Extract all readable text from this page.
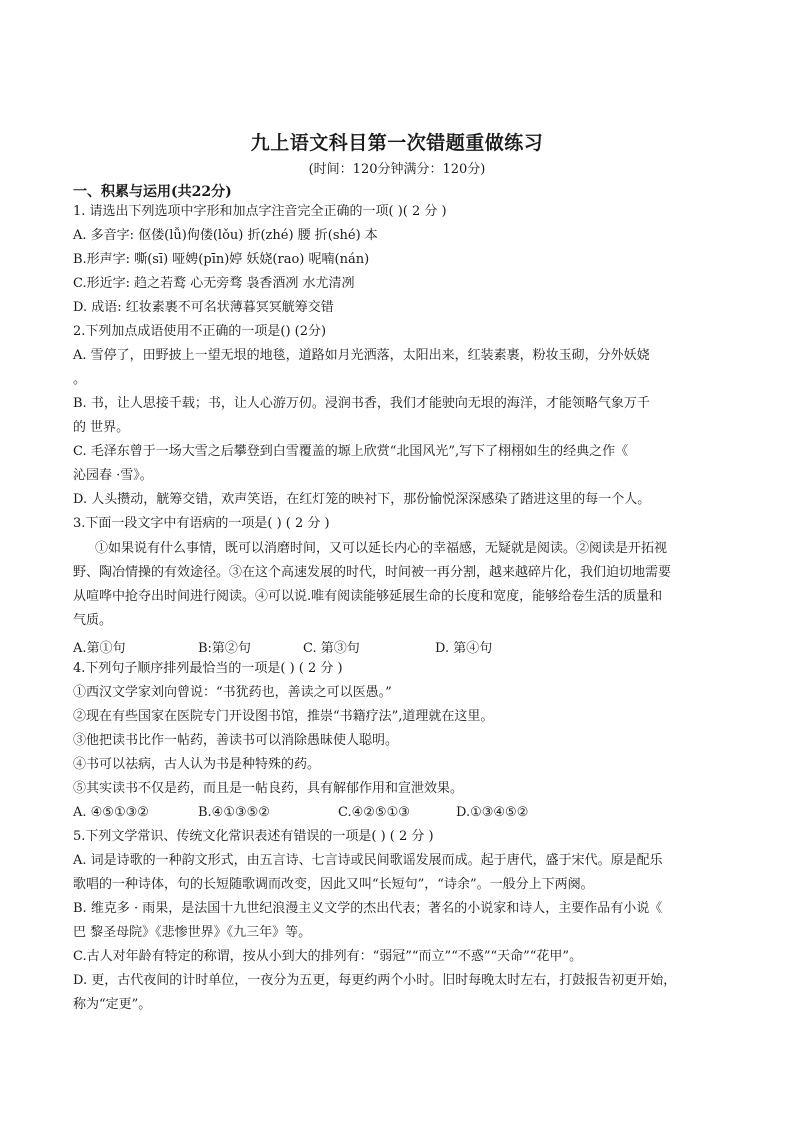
九上语文科目第一次错题重做练习
(时间：120分钟满分：120分)
一、积累与运用(共22分)
1. 请选出下列选项中字形和加点字注音完全正确的一项( )( 2 分 )
A. 多音字: 伛偻(lǚ)佝偻(lǒu) 折(zhé) 腰 折(shé) 本
B.形声字: 嘶(sī) 哑娉(pīn)婷 妖娆(rao) 呢喃(nán)
C.形近字: 趋之若鹜 心无旁骛 袅香酒冽 水尤清冽
D. 成语: 红妆素裹不可名状薄暮冥冥觥筹交错
2.下列加点成语使用不正确的一项是() (2分)
A. 雪停了，田野披上一望无垠的地毯，道路如月光洒落，太阳出来，红装素裹，粉妆玉砌，分外妖娆
。
B. 书，让人思接千载；书，让人心游万仞。浸润书香，我们才能驶向无垠的海洋，才能领略气象万千
的 世界。
C. 毛泽东曾于一场大雪之后攀登到白雪覆盖的塬上欣赏“北国风光”,写下了栩栩如生的经典之作《
沁园春 ·雪》。
D. 人头攒动，觥筹交错，欢声笑语，在红灯笼的映衬下，那份愉悦深深感染了踏进这里的每一个人。
3.下面一段文字中有语病的一项是( ) ( 2 分 )
①如果说有什么事情，既可以消磨时间，又可以延长内心的幸福感，无疑就是阅读。②阅读是开拓视
野、陶冶情操的有效途径。③在这个高速发展的时代，时间被一再分割，越来越碎片化，我们迫切地需要
从喧哗中抢夺出时间进行阅读。④可以说.唯有阅读能够延展生命的长度和宽度，能够给卷生活的质量和
气质。
A.第①句	B:第②句	C. 第③句	D. 第④句
4.下列句子顺序排列最恰当的一项是( ) ( 2 分 )
①西汉文学家刘向曾说：“书犹药也，善读之可以医愚。”
②现在有些国家在医院专门开设图书馆，推崇“书籍疗法”,道理就在这里。
③他把读书比作一帖药，善读书可以消除愚昧使人聪明。
④书可以祛病，古人认为书是种特殊的药。
⑤其实读书不仅是药，而且是一帖良药，具有解郁作用和宣泄效果。
A. ④⑤①③②	B.④①③⑤②	C.④②⑤①③	D.①③④⑤②
5.下列文学常识、传统文化常识表述有错误的一项是( ) ( 2 分 )
A. 词是诗歌的一种韵文形式，由五言诗、七言诗或民间歌谣发展而成。起于唐代，盛于宋代。原是配乐
歌唱的一种诗体，句的长短随歌调而改变，因此又叫“长短句”，“诗余”。一般分上下两阕。
B. 维克多 · 雨果，是法国十九世纪浪漫主义文学的杰出代表；著名的小说家和诗人，主要作品有小说《
巴 黎圣母院》《悲惨世界》《九三年》等。
C.古人对年龄有特定的称谓，按从小到大的排列有：“弱冠”“而立”“不惑”“天命”“花甲”。
D. 更，古代夜间的计时单位，一夜分为五更，每更约两个小时。旧时每晚太时左右，打鼓报告初更开始，
称为“定更”。
